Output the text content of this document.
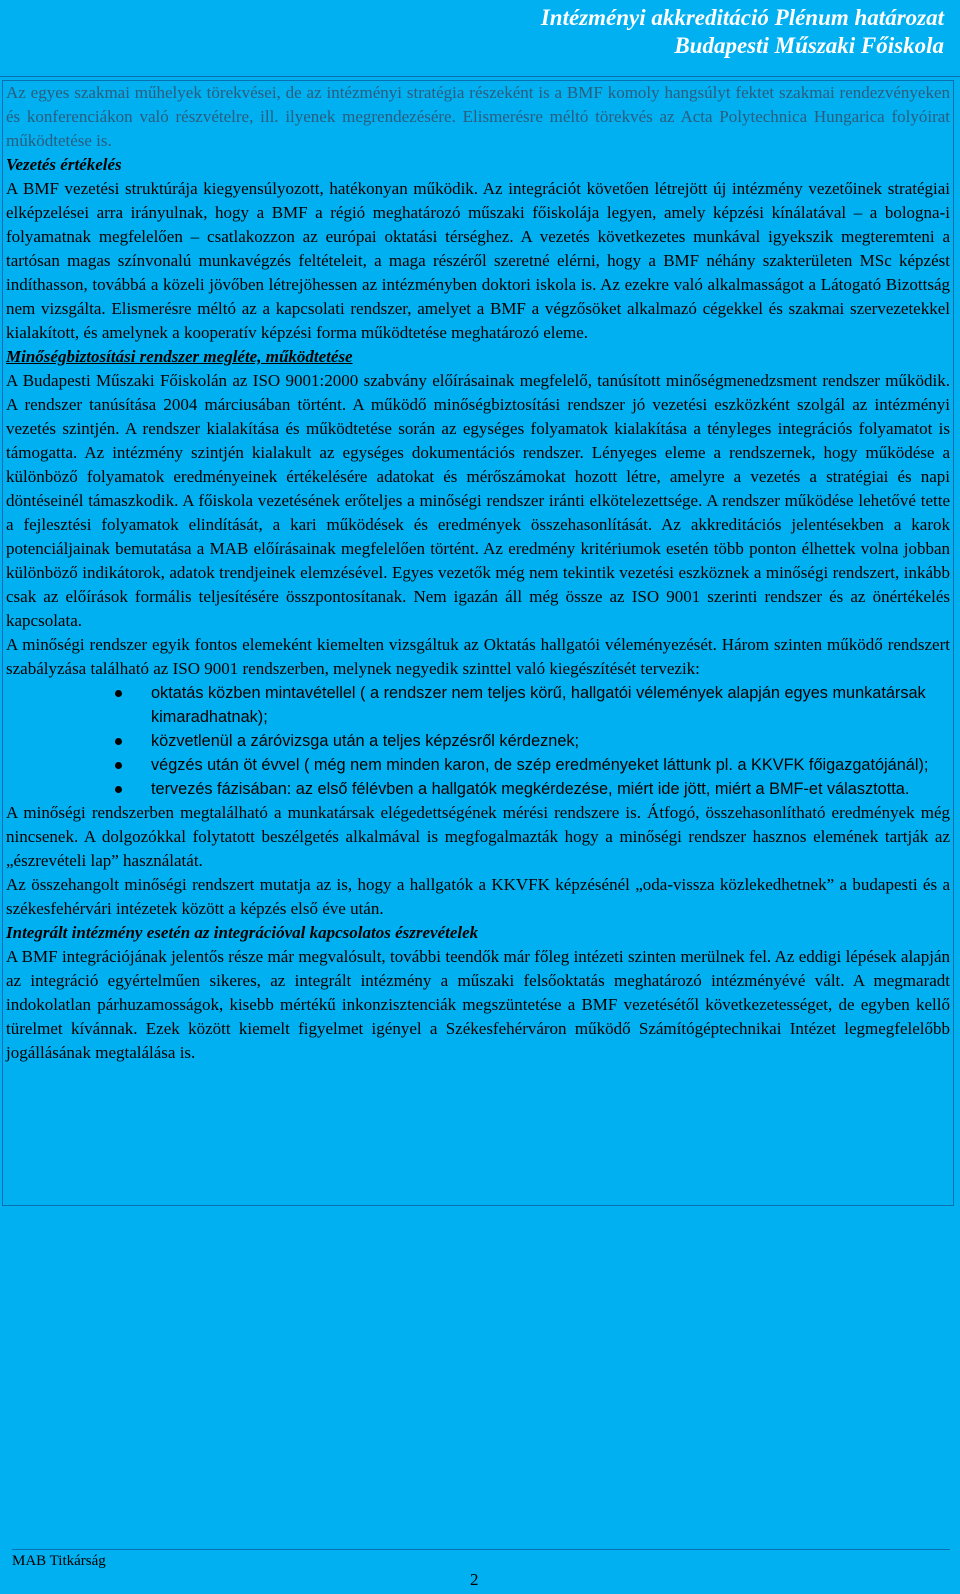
Intézményi akkreditáció Plénum határozat
Budapesti Műszaki Főiskola

Az egyes szakmai műhelyek törekvései, de az intézményi stratégia részeként is a BMF komoly hangsúlyt fektet szakmai rendezvényeken és konferenciákon való részvételre, ill. ilyenek megrendezésére. Elismerésre méltó törekvés az Acta Polytechnica Hungarica folyóirat működtetése is.

Vezetés értékelés

A BMF vezetési struktúrája kiegyensúlyozott, hatékonyan működik. Az integrációt követően létrejött új intézmény vezetőinek stratégiai elképzelései arra irányulnak, hogy a BMF a régió meghatározó műszaki főiskolája legyen, amely képzési kínálatával – a bologna-i folyamatnak megfelelően – csatlakozzon az európai oktatási térséghez. A vezetés következetes munkával igyekszik megteremteni a tartósan magas színvonalú munkavégzés feltételeit, a maga részéről szeretné elérni, hogy a BMF néhány szakterületen MSc képzést indíthasson, továbbá a közeli jövőben létrejöhessen az intézményben doktori iskola is. Az ezekre való alkalmasságot a Látogató Bizottság nem vizsgálta. Elismerésre méltó az a kapcsolati rendszer, amelyet a BMF a végzősöket alkalmazó cégekkel és szakmai szervezetekkel kialakított, és amelynek a kooperatív képzési forma működtetése meghatározó eleme.

Minőségbiztosítási rendszer megléte, működtetése

A Budapesti Műszaki Főiskolán az ISO 9001:2000 szabvány előírásainak megfelelő, tanúsított minőségmenedzsment rendszer működik. A rendszer tanúsítása 2004 márciusában történt. A működő minőségbiztosítási rendszer jó vezetési eszközként szolgál az intézményi vezetés szintjén. A rendszer kialakítása és működtetése során az egységes folyamatok kialakítása a tényleges integrációs folyamatot is támogatta. Az intézmény szintjén kialakult az egységes dokumentációs rendszer. Lényeges eleme a rendszernek, hogy működése a különböző folyamatok eredményeinek értékelésére adatokat és mérőszámokat hozott létre, amelyre a vezetés a stratégiai és napi döntéseinél támaszkodik. A főiskola vezetésének erőteljes a minőségi rendszer iránti elkötelezettsége. A rendszer működése lehetővé tette a fejlesztési folyamatok elindítását, a kari működések és eredmények összehasonlítását. Az akkreditációs jelentésekben a karok potenciáljainak bemutatása a MAB előírásainak megfelelően történt. Az eredmény kritériumok esetén több ponton élhettek volna jobban különböző indikátorok, adatok trendjeinek elemzésével. Egyes vezetők még nem tekintik vezetési eszköznek a minőségi rendszert, inkább csak az előírások formális teljesítésére összpontosítanak. Nem igazán áll még össze az ISO 9001 szerinti rendszer és az önértékelés kapcsolata.

A minőségi rendszer egyik fontos elemeként kiemelten vizsgáltuk az Oktatás hallgatói véleményezését. Három szinten működő rendszert szabályzása található az ISO 9001 rendszerben, melynek negyedik szinttel való kiegészítését tervezik:

oktatás közben mintavétellel ( a rendszer nem teljes körű, hallgatói vélemények alapján egyes munkatársak kimaradhatnak);
közvetlenül a záróvizsga után a teljes képzésről kérdeznek;
végzés után öt évvel ( még nem minden karon, de szép eredményeket láttunk pl. a KKVFK főigazgatójánál);
tervezés fázisában: az első félévben a hallgatók megkérdezése, miért ide jött, miért a BMF-et választotta.

A minőségi rendszerben megtalálható a munkatársak elégedettségének mérési rendszere is. Átfogó, összehasonlítható eredmények még nincsenek. A dolgozókkal folytatott beszélgetés alkalmával is megfogalmazták hogy a minőségi rendszer hasznos elemének tartják az „észrevételi lap” használatát.

Az összehangolt minőségi rendszert mutatja az is, hogy a hallgatók a KKVFK képzésénél „oda-vissza közlekedhetnek” a budapesti és a székesfehérvári intézetek között a képzés első éve után.

Integrált intézmény esetén az integrációval kapcsolatos észrevételek

A BMF integrációjának jelentős része már megvalósult, további teendők már főleg intézeti szinten merülnek fel. Az eddigi lépések alapján az integráció egyértelműen sikeres, az integrált intézmény a műszaki felsőoktatás meghatározó intézményévé vált. A megmaradt indokolatlan párhuzamosságok, kisebb mértékű inkonzisztenciák megszüntetése a BMF vezetésétől következetességet, de egyben kellő türelmet kívánnak. Ezek között kiemelt figyelmet igényel a Székesfehérváron működő Számítógéptechnikai Intézet legmegfelelőbb jogállásának megtalálása is.

MAB Titkárság
2
